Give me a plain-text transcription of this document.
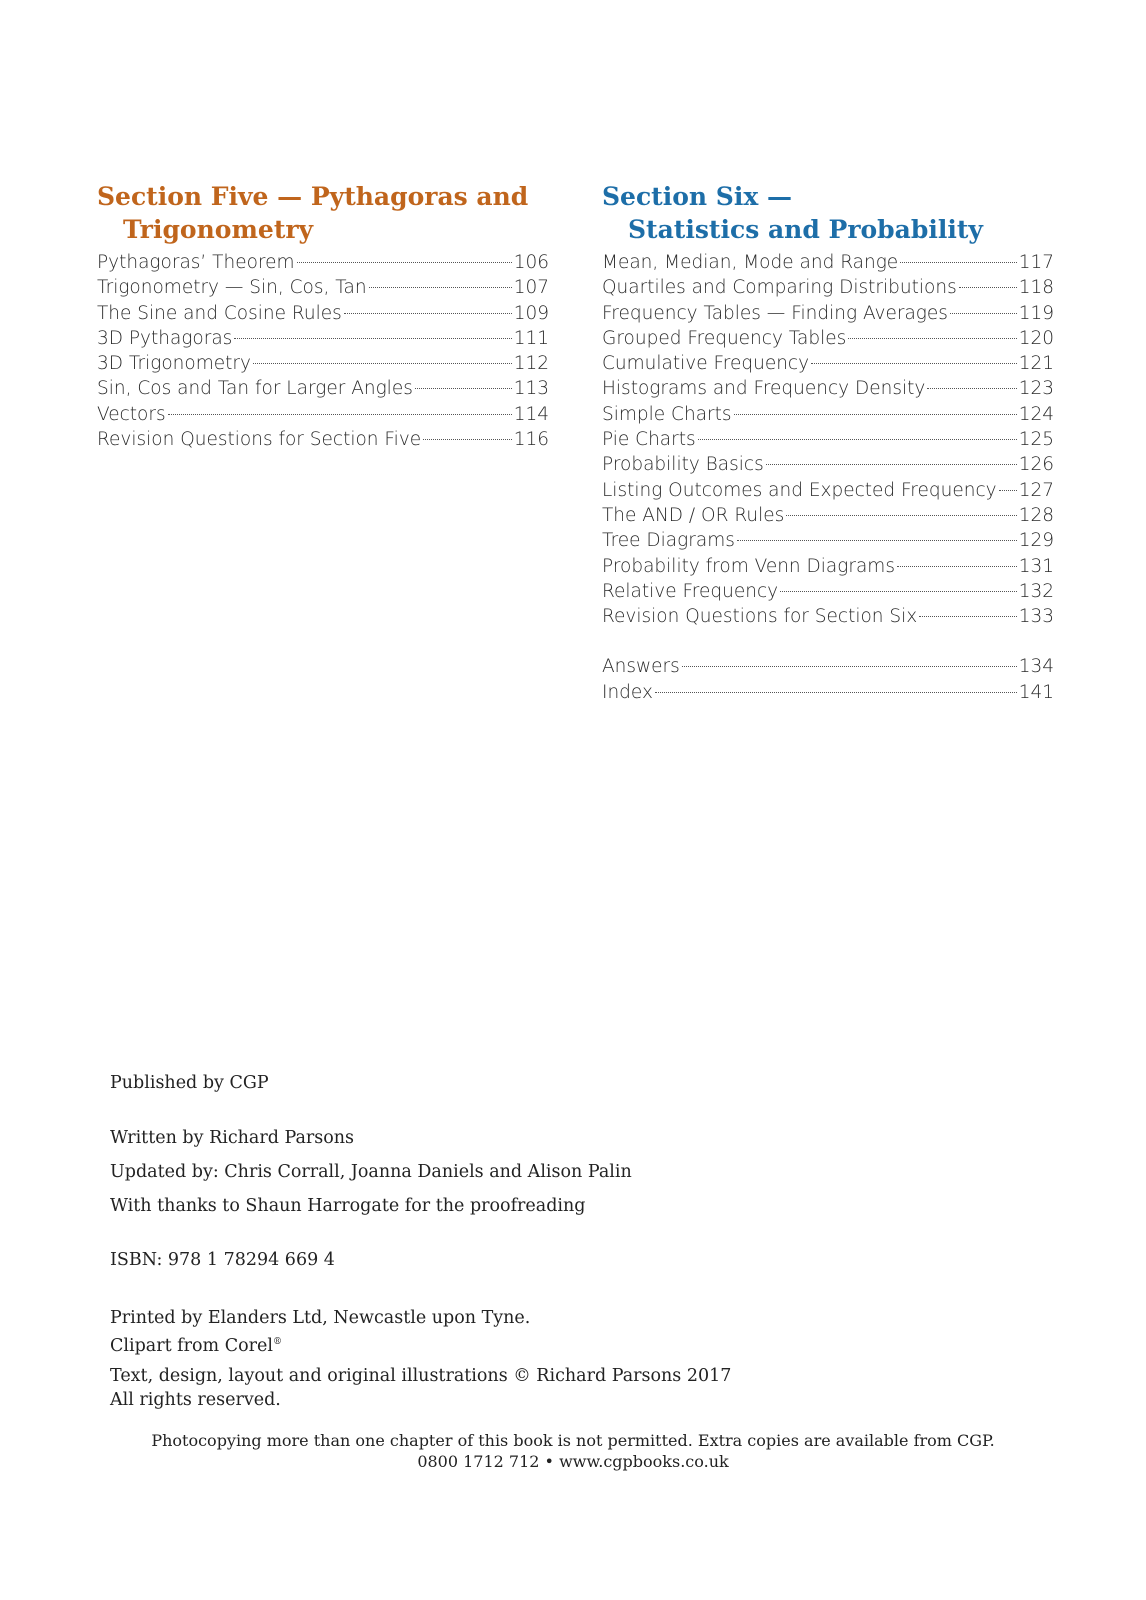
Section Five — Pythagoras and
Trigonometry
Pythagoras’ Theorem	106
Trigonometry — Sin, Cos, Tan	107
The Sine and Cosine Rules	109
3D Pythagoras	111
3D Trigonometry	112
Sin, Cos and Tan for Larger Angles	113
Vectors	114
Revision Questions for Section Five	116
Section Six —
Statistics and Probability
Mean, Median, Mode and Range	117
Quartiles and Comparing Distributions	118
Frequency Tables — Finding Averages	119
Grouped Frequency Tables	120
Cumulative Frequency	121
Histograms and Frequency Density	123
Simple Charts	124
Pie Charts	125
Probability Basics	126
Listing Outcomes and Expected Frequency 127
The AND / OR Rules	128
Tree Diagrams	129
Probability from Venn Diagrams	131
Relative Frequency	132
Revision Questions for Section Six	133
Answers	134
Index	141
Published by CGP
Written by Richard Parsons
Updated by: Chris Corrall, Joanna Daniels and Alison Palin
With thanks to Shaun Harrogate for the proofreading
ISBN: 978 1 78294 669 4
Printed by Elanders Ltd, Newcastle upon Tyne.
Clipart from Corel®
Text, design, layout and original illustrations © Richard Parsons 2017
All rights reserved.
Photocopying more than one chapter of this book is not permitted. Extra copies are available from CGP.
0800 1712 712 • www.cgpbooks.co.uk
